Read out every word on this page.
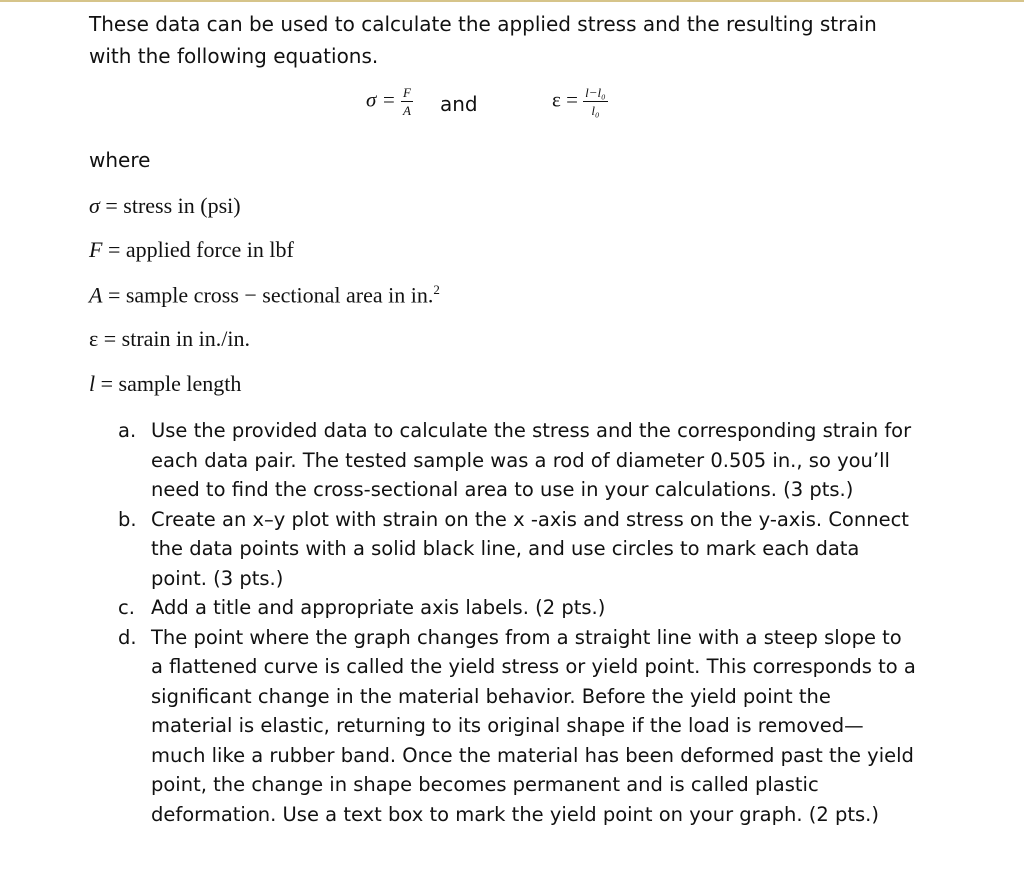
These data can be used to calculate the applied stress and the resulting strain with the following equations.
$\sigma = \frac{F}{A}$ and	$\varepsilon = \frac{\text{l−l₀}}{\text{l₀}}$
where
σ = stress in (psi)
F = applied force in lbf
A = sample cross − sectional area in in.$^2$
ε = strain in in./in.
l = sample length
a. Use the provided data to calculate the stress and the corresponding strain for each data pair. The tested sample was a rod of diameter 0.505 in., so you’ll need to find the cross-sectional area to use in your calculations. (3 pts.)
b. Create an x–y plot with strain on the x -axis and stress on the y-axis. Connect the data points with a solid black line, and use circles to mark each data point. (3 pts.)
c. Add a title and appropriate axis labels. (2 pts.)
d. The point where the graph changes from a straight line with a steep slope to a flattened curve is called the yield stress or yield point. This corresponds to a significant change in the material behavior. Before the yield point the material is elastic, returning to its original shape if the load is removed—much like a rubber band. Once the material has been deformed past the yield point, the change in shape becomes permanent and is called plastic deformation. Use a text box to mark the yield point on your graph. (2 pts.)
